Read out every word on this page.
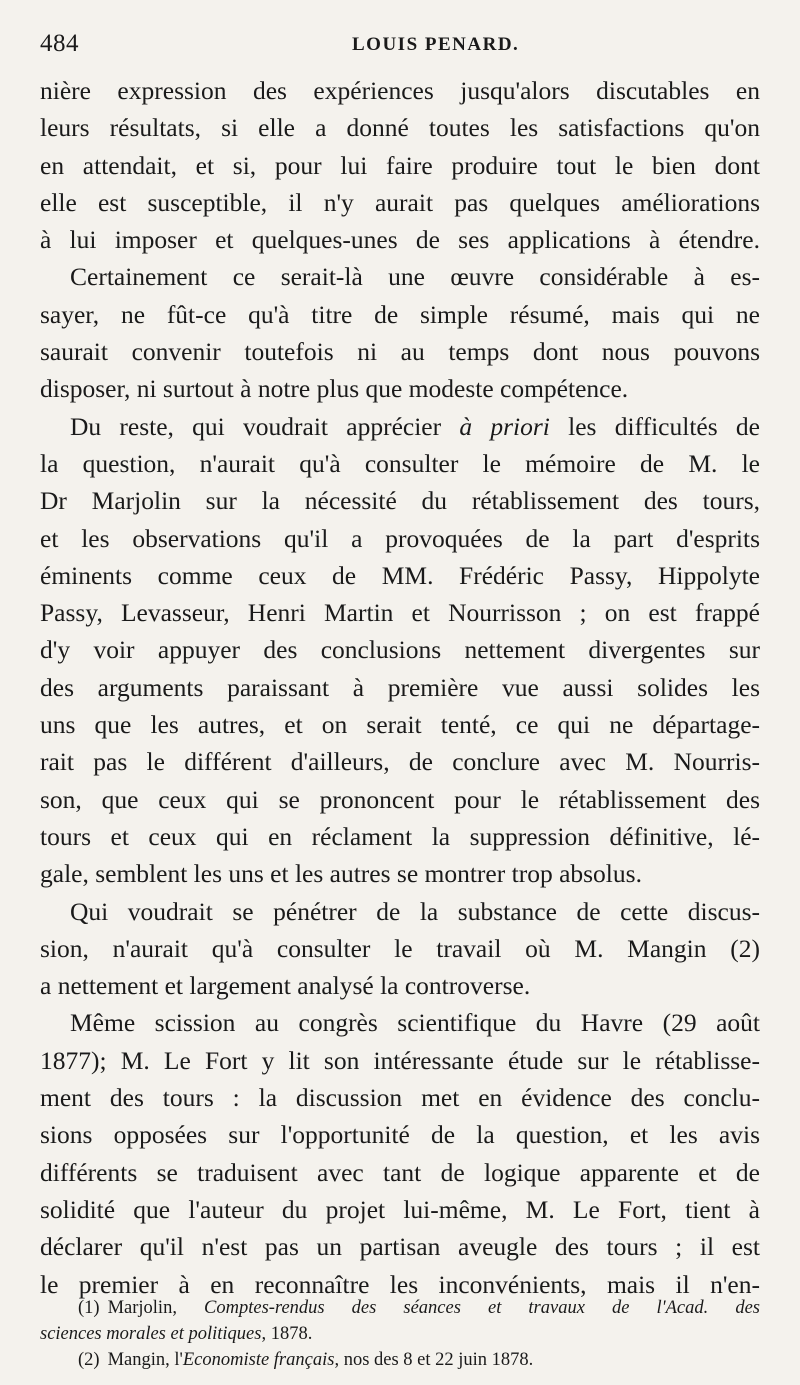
484	LOUIS PENARD.
nière expression des expériences jusqu'alors discutables en
leurs résultats, si elle a donné toutes les satisfactions qu'on
en attendait, et si, pour lui faire produire tout le bien dont
elle est susceptible, il n'y aurait pas quelques améliorations
à lui imposer et quelques-unes de ses applications à étendre.
Certainement ce serait-là une œuvre considérable à es-
sayer, ne fût-ce qu'à titre de simple résumé, mais qui ne
saurait convenir toutefois ni au temps dont nous pouvons
disposer, ni surtout à notre plus que modeste compétence.
Du reste, qui voudrait apprécier à priori les difficultés de
la question, n'aurait qu'à consulter le mémoire de M. le
Dr Marjolin sur la nécessité du rétablissement des tours,
et les observations qu'il a provoquées de la part d'esprits
éminents comme ceux de MM. Frédéric Passy, Hippolyte
Passy, Levasseur, Henri Martin et Nourrisson ; on est frappé
d'y voir appuyer des conclusions nettement divergentes sur
des arguments paraissant à première vue aussi solides les
uns que les autres, et on serait tenté, ce qui ne départage-
rait pas le différent d'ailleurs, de conclure avec M. Nourris-
son, que ceux qui se prononcent pour le rétablissement des
tours et ceux qui en réclament la suppression définitive, lé-
gale, semblent les uns et les autres se montrer trop absolus.
Qui voudrait se pénétrer de la substance de cette discus-
sion, n'aurait qu'à consulter le travail où M. Mangin (2)
a nettement et largement analysé la controverse.
Même scission au congrès scientifique du Havre (29 août
1877); M. Le Fort y lit son intéressante étude sur le rétablisse-
ment des tours : la discussion met en évidence des conclu-
sions opposées sur l'opportunité de la question, et les avis
différents se traduisent avec tant de logique apparente et de
solidité que l'auteur du projet lui-même, M. Le Fort, tient à
déclarer qu'il n'est pas un partisan aveugle des tours ; il est
le premier à en reconnaître les inconvénients, mais il n'en-
(1) Marjolin, Comptes-rendus des séances et travaux de l'Acad. des
sciences morales et politiques, 1878.
(2) Mangin, l'Economiste français, nos des 8 et 22 juin 1878.
